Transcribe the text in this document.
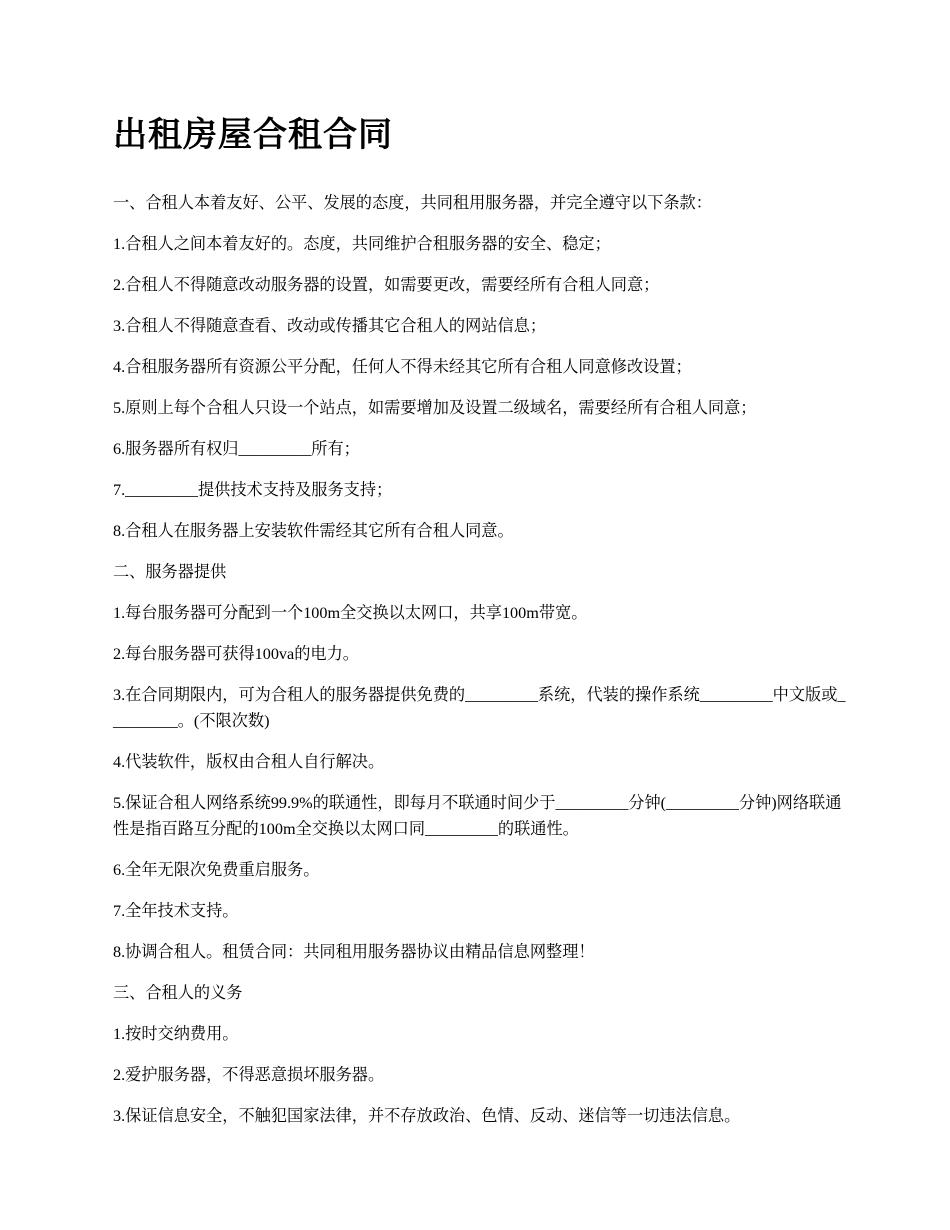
出租房屋合租合同

一、合租人本着友好、公平、发展的态度，共同租用服务器，并完全遵守以下条款：

1.合租人之间本着友好的。态度，共同维护合租服务器的安全、稳定；

2.合租人不得随意改动服务器的设置，如需要更改，需要经所有合租人同意；

3.合租人不得随意查看、改动或传播其它合租人的网站信息；

4.合租服务器所有资源公平分配，任何人不得未经其它所有合租人同意修改设置；

5.原则上每个合租人只设一个站点，如需要增加及设置二级域名，需要经所有合租人同意；

6.服务器所有权归_________所有；

7._________提供技术支持及服务支持；

8.合租人在服务器上安装软件需经其它所有合租人同意。

二、服务器提供

1.每台服务器可分配到一个100m全交换以太网口，共享100m带宽。

2.每台服务器可获得100va的电力。

3.在合同期限内，可为合租人的服务器提供免费的_________系统，代装的操作系统_________中文版或_________。(不限次数)

4.代装软件，版权由合租人自行解决。

5.保证合租人网络系统99.9%的联通性，即每月不联通时间少于_________分钟(_________分钟)网络联通性是指百路互分配的100m全交换以太网口同_________的联通性。

6.全年无限次免费重启服务。

7.全年技术支持。

8.协调合租人。租赁合同：共同租用服务器协议由精品信息网整理！

三、合租人的义务

1.按时交纳费用。

2.爱护服务器，不得恶意损坏服务器。

3.保证信息安全，不触犯国家法律，并不存放政治、色情、反动、迷信等一切违法信息。
